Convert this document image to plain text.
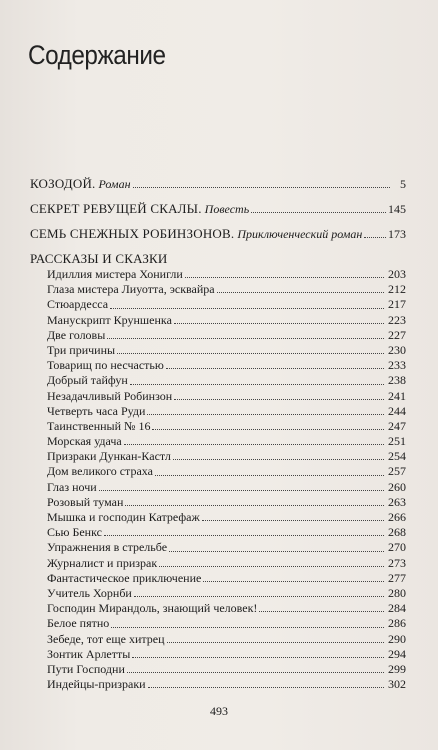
Содержание
КОЗОДОЙ. Роман	5
СЕКРЕТ РЕВУЩЕЙ СКАЛЫ. Повесть	145
СЕМЬ СНЕЖНЫХ РОБИНЗОНОВ. Приключенческий роман 173
РАССКАЗЫ И СКАЗКИ
Идиллия мистера Хонигли	203
Глаза мистера Лиуотта, эсквайра	212
Стюардесса	217
Манускрипт Круншенка	223
Две головы	227
Три причины	230
Товарищ по несчастью	233
Добрый тайфун	238
Незадачливый Робинзон	241
Четверть часа Руди	244
Таинственный № 16	247
Морская удача	251
Призраки Дункан-Кастл	254
Дом великого страха	257
Глаз ночи	260
Розовый туман	263
Мышка и господин Катрефаж	266
Сью Бенкс	268
Упражнения в стрельбе	270
Журналист и призрак	273
Фантастическое приключение	277
Учитель Хорнби	280
Господин Мирандоль, знающий человек!	284
Белое пятно	286
Зебеде, тот еще хитрец	290
Зонтик Арлетты	294
Пути Господни	299
Индейцы-призраки	302
493
